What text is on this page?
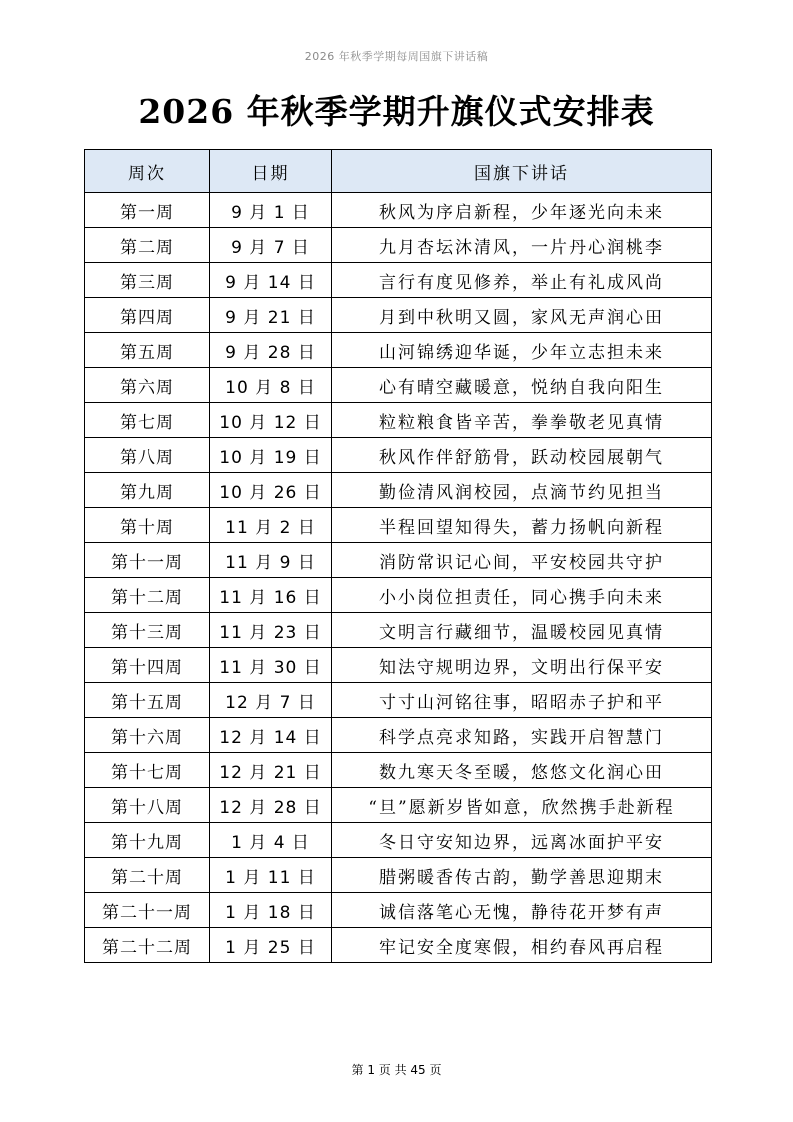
2026 年秋季学期每周国旗下讲话稿
2026 年秋季学期升旗仪式安排表
周次	日期	国旗下讲话
第一周	9 月 1 日	秋风为序启新程，少年逐光向未来
第二周	9 月 7 日	九月杏坛沐清风，一片丹心润桃李
第三周	9 月 14 日	言行有度见修养，举止有礼成风尚
第四周	9 月 21 日	月到中秋明又圆，家风无声润心田
第五周	9 月 28 日	山河锦绣迎华诞，少年立志担未来
第六周	10 月 8 日	心有晴空藏暖意，悦纳自我向阳生
第七周	10 月 12 日	粒粒粮食皆辛苦，拳拳敬老见真情
第八周	10 月 19 日	秋风作伴舒筋骨，跃动校园展朝气
第九周	10 月 26 日	勤俭清风润校园，点滴节约见担当
第十周	11 月 2 日	半程回望知得失，蓄力扬帆向新程
第十一周	11 月 9 日	消防常识记心间，平安校园共守护
第十二周	11 月 16 日	小小岗位担责任，同心携手向未来
第十三周	11 月 23 日	文明言行藏细节，温暖校园见真情
第十四周	11 月 30 日	知法守规明边界，文明出行保平安
第十五周	12 月 7 日	寸寸山河铭往事，昭昭赤子护和平
第十六周	12 月 14 日	科学点亮求知路，实践开启智慧门
第十七周	12 月 21 日	数九寒天冬至暖，悠悠文化润心田
第十八周	12 月 28 日	“旦”愿新岁皆如意，欣然携手赴新程
第十九周	1 月 4 日	冬日守安知边界，远离冰面护平安
第二十周	1 月 11 日	腊粥暖香传古韵，勤学善思迎期末
第二十一周	1 月 18 日	诚信落笔心无愧，静待花开梦有声
第二十二周	1 月 25 日	牢记安全度寒假，相约春风再启程
第 1 页 共 45 页
